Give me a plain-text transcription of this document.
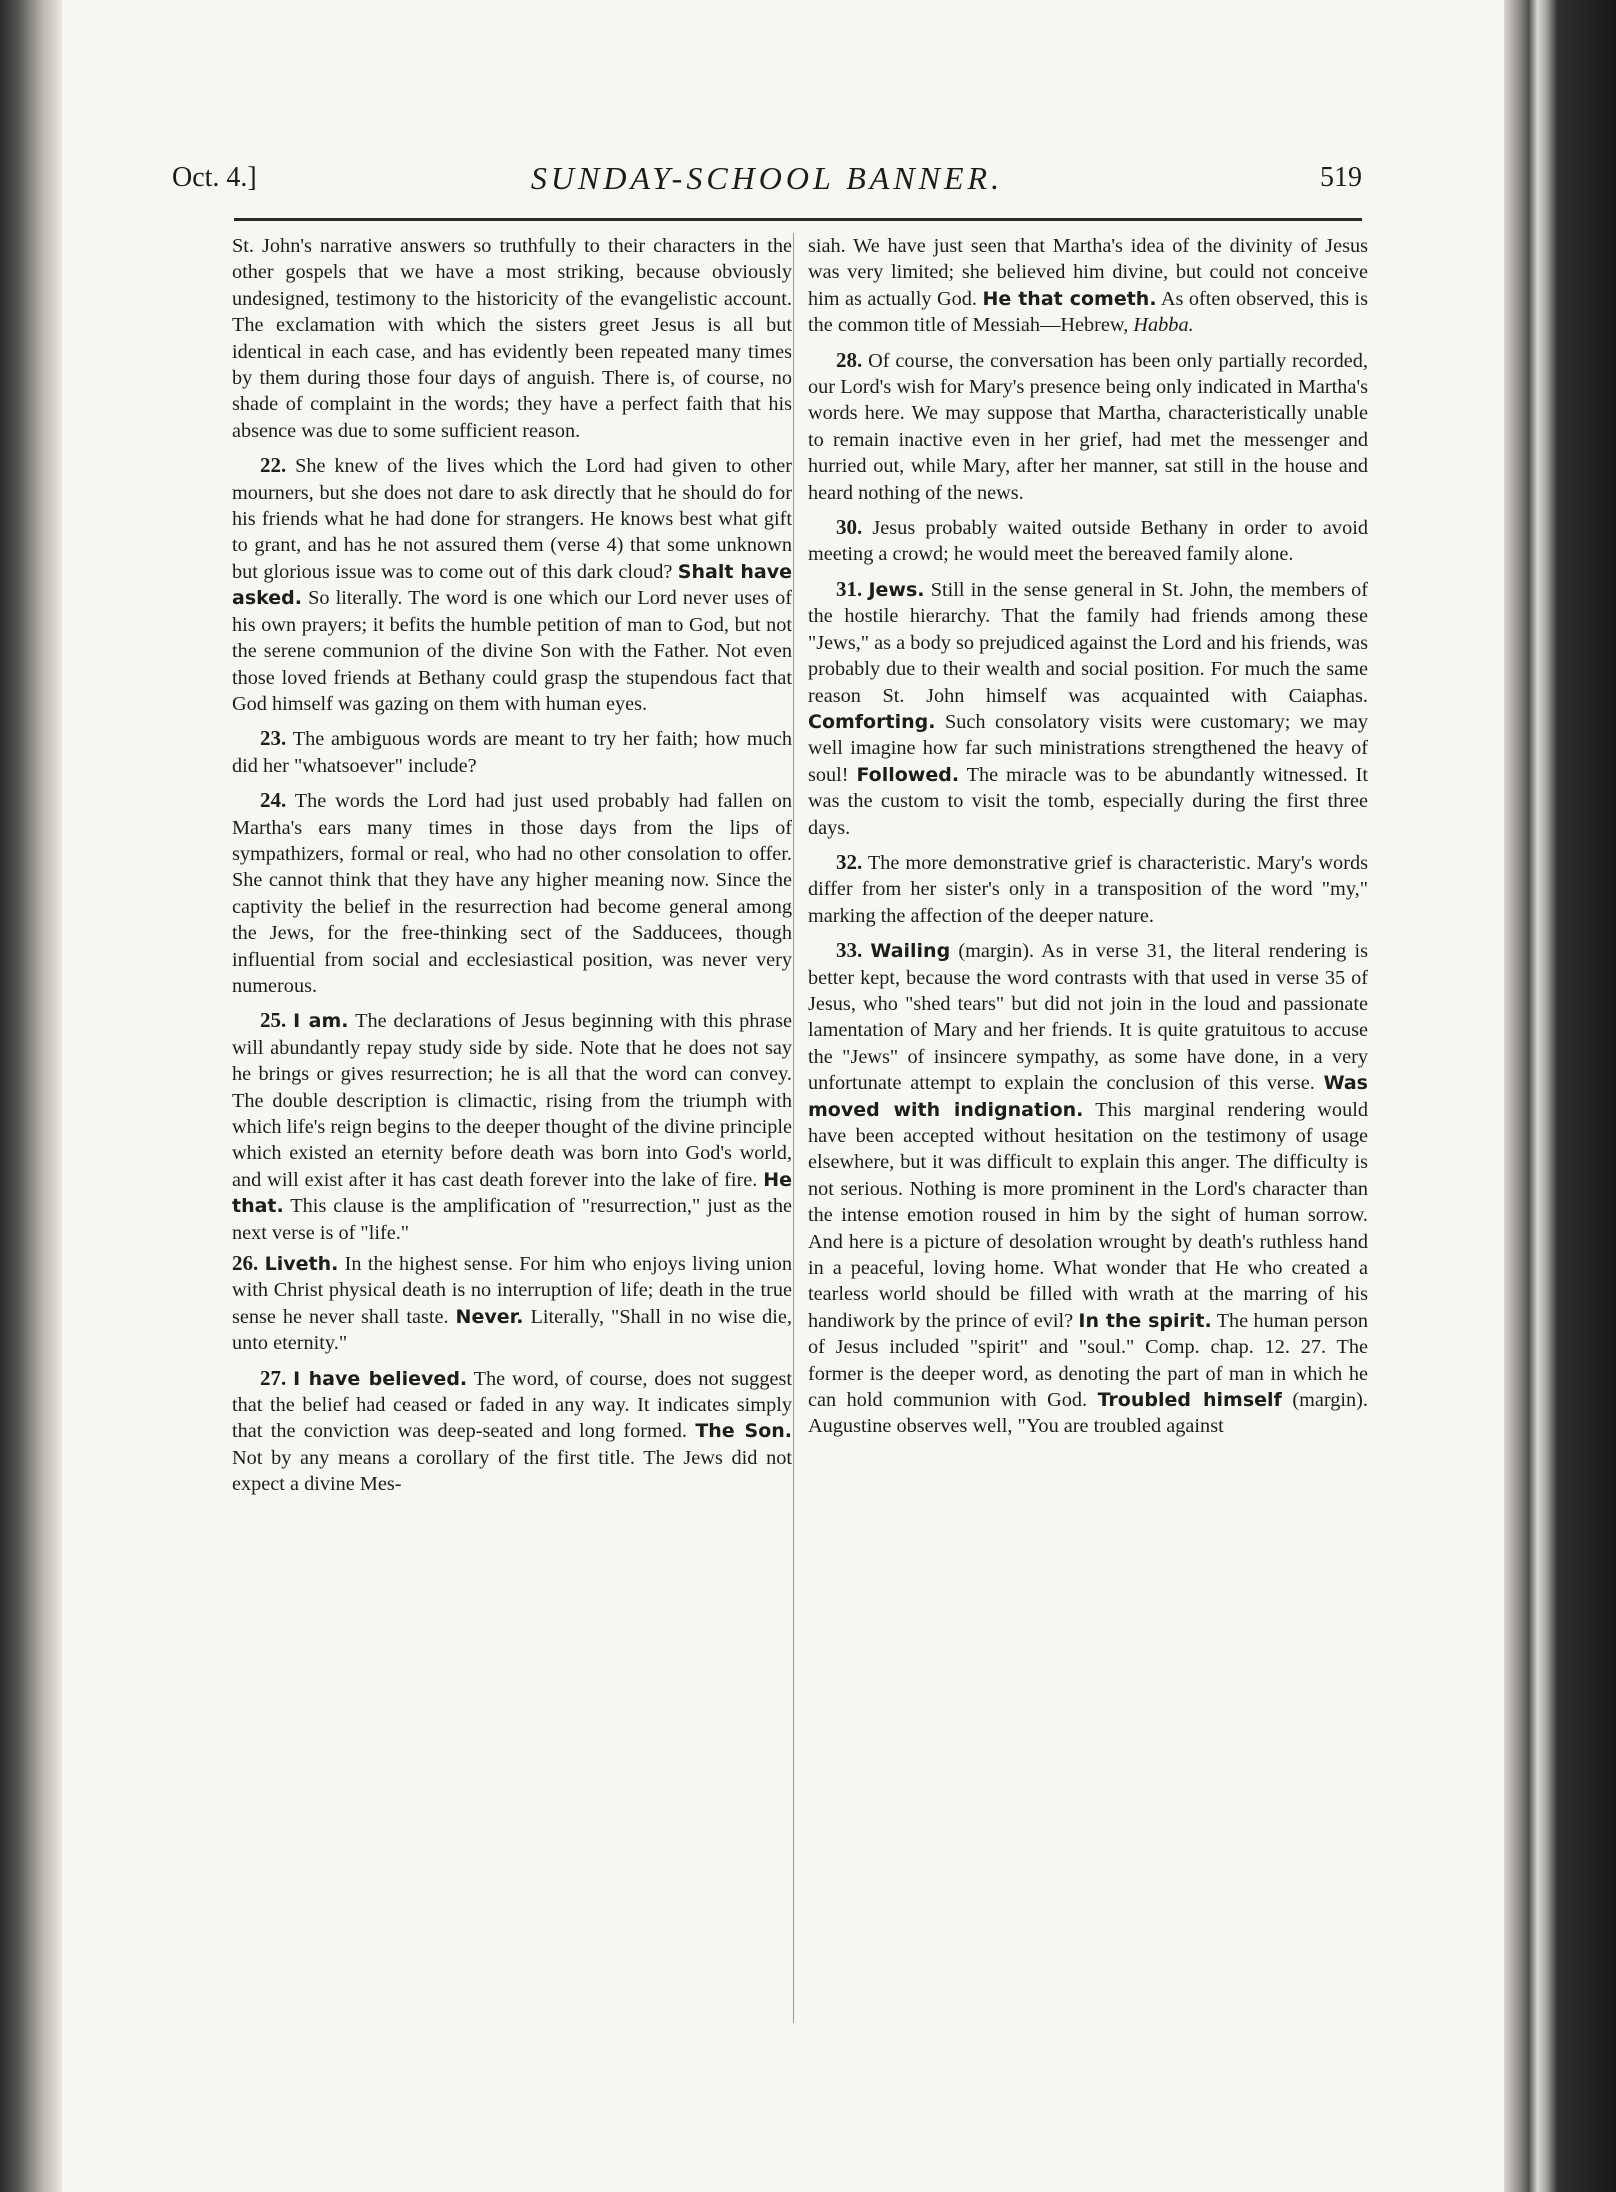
Oct. 4.]	SUNDAY-SCHOOL BANNER.	519

St. John's narrative answers so truthfully to their characters in the other gospels that we have a most striking, because obviously undesigned, testimony to the historicity of the evangelistic account. The exclamation with which the sisters greet Jesus is all but identical in each case, and has evidently been repeated many times by them during those four days of anguish. There is, of course, no shade of complaint in the words; they have a perfect faith that his absence was due to some sufficient reason.

22. She knew of the lives which the Lord had given to other mourners, but she does not dare to ask directly that he should do for his friends what he had done for strangers. He knows best what gift to grant, and has he not assured them (verse 4) that some unknown but glorious issue was to come out of this dark cloud? Shalt have asked. So literally. The word is one which our Lord never uses of his own prayers; it befits the humble petition of man to God, but not the serene communion of the divine Son with the Father. Not even those loved friends at Bethany could grasp the stupendous fact that God himself was gazing on them with human eyes.

23. The ambiguous words are meant to try her faith; how much did her "whatsoever" include?

24. The words the Lord had just used probably had fallen on Martha's ears many times in those days from the lips of sympathizers, formal or real, who had no other consolation to offer. She cannot think that they have any higher meaning now. Since the captivity the belief in the resurrection had become general among the Jews, for the free-thinking sect of the Sadducees, though influential from social and ecclesiastical position, was never very numerous.

25. I am. The declarations of Jesus beginning with this phrase will abundantly repay study side by side. Note that he does not say he brings or gives resurrection; he is all that the word can convey. The double description is climactic, rising from the triumph with which life's reign begins to the deeper thought of the divine principle which existed an eternity before death was born into God's world, and will exist after it has cast death forever into the lake of fire. He that. This clause is the amplification of "resurrection," just as the next verse is of "life."

26. Liveth. In the highest sense. For him who enjoys living union with Christ physical death is no interruption of life; death in the true sense he never shall taste. Never. Literally, "Shall in no wise die, unto eternity."

27. I have believed. The word, of course, does not suggest that the belief had ceased or faded in any way. It indicates simply that the conviction was deep-seated and long formed. The Son. Not by any means a corollary of the first title. The Jews did not expect a divine Mes-

siah. We have just seen that Martha's idea of the divinity of Jesus was very limited; she believed him divine, but could not conceive him as actually God. He that cometh. As often observed, this is the common title of Messiah—Hebrew, Habba.

28. Of course, the conversation has been only partially recorded, our Lord's wish for Mary's presence being only indicated in Martha's words here. We may suppose that Martha, characteristically unable to remain inactive even in her grief, had met the messenger and hurried out, while Mary, after her manner, sat still in the house and heard nothing of the news.

30. Jesus probably waited outside Bethany in order to avoid meeting a crowd; he would meet the bereaved family alone.

31. Jews. Still in the sense general in St. John, the members of the hostile hierarchy. That the family had friends among these "Jews," as a body so prejudiced against the Lord and his friends, was probably due to their wealth and social position. For much the same reason St. John himself was acquainted with Caiaphas. Comforting. Such consolatory visits were customary; we may well imagine how far such ministrations strengthened the heavy of soul! Followed. The miracle was to be abundantly witnessed. It was the custom to visit the tomb, especially during the first three days.

32. The more demonstrative grief is characteristic. Mary's words differ from her sister's only in a transposition of the word "my," marking the affection of the deeper nature.

33. Wailing (margin). As in verse 31, the literal rendering is better kept, because the word contrasts with that used in verse 35 of Jesus, who "shed tears" but did not join in the loud and passionate lamentation of Mary and her friends. It is quite gratuitous to accuse the "Jews" of insincere sympathy, as some have done, in a very unfortunate attempt to explain the conclusion of this verse. Was moved with indignation. This marginal rendering would have been accepted without hesitation on the testimony of usage elsewhere, but it was difficult to explain this anger. The difficulty is not serious. Nothing is more prominent in the Lord's character than the intense emotion roused in him by the sight of human sorrow. And here is a picture of desolation wrought by death's ruthless hand in a peaceful, loving home. What wonder that He who created a tearless world should be filled with wrath at the marring of his handiwork by the prince of evil? In the spirit. The human person of Jesus included "spirit" and "soul." Comp. chap. 12. 27. The former is the deeper word, as denoting the part of man in which he can hold communion with God. Troubled himself (margin). Augustine observes well, "You are troubled against
